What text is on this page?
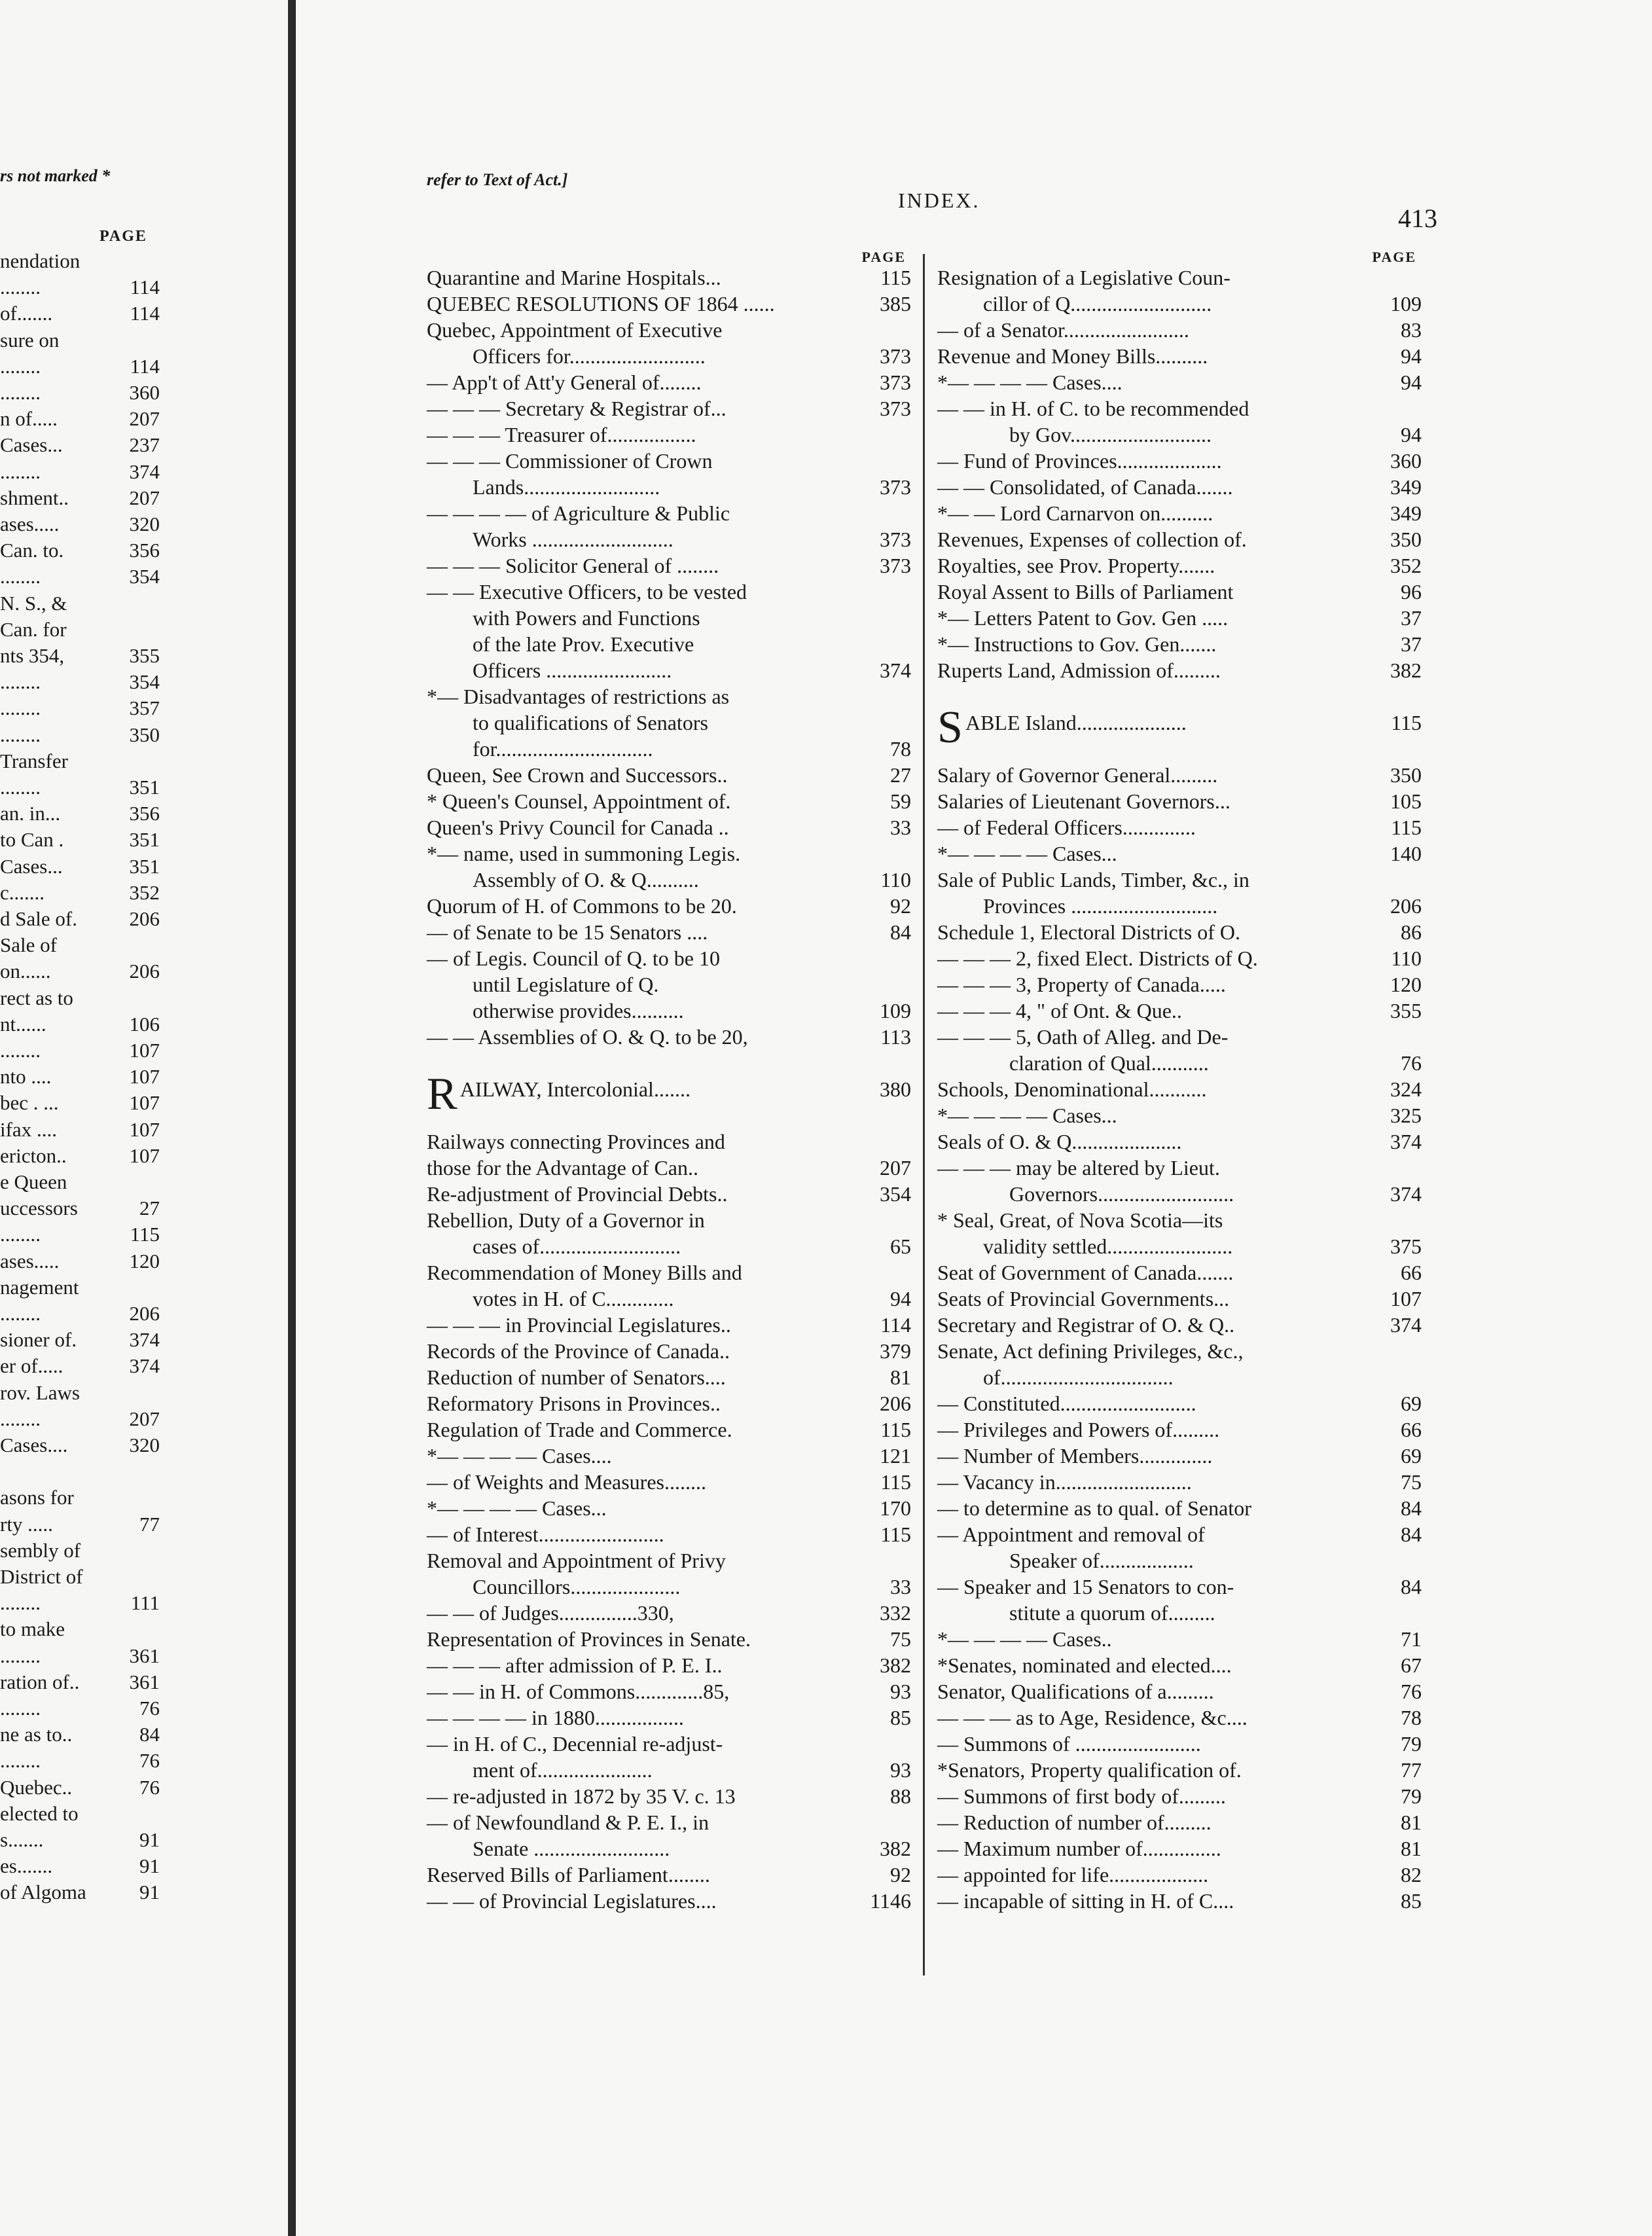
rs not marked *
PAGE
nendation
........	114
of.......	114
sure on
........	114
........	360
n of.....	207
Cases...	237
........	374
shment..	207
ases.....	320
Can. to.	356
........	354
N. S., &
Can. for
nts 354,	355
........	354
........	357
........	350
Transfer
........	351
an. in...	356
to Can .	351
Cases...	351
c.......	352
d Sale of.	206
Sale of
on......	206
rect as to
nt......	106
........	107
nto ....	107
bec . ...	107
ifax ....	107
ericton..	107
e Queen
uccessors	27
........	115
ases.....	120
nagement
........	206
sioner of.	374
er of.....	374
rov. Laws
........	207
Cases....	320
asons for
rty .....	77
sembly of
District of
........	111
to make
........	361
ration of.. 361
........	76
ne as to..	84
........	76
Quebec..	76
elected to
s.......	91
es.......	91
of Algoma	91
refer to Text of Act.]
INDEX.
413
PAGE
Quarantine and Marine Hospitals...	115
QUEBEC RESOLUTIONS OF 1864 ......	385
Quebec, Appointment of Executive
Officers for..........................	373
— App't of Att'y General of........	373
— — — Secretary & Registrar of...	373
— — — Treasurer of.................
— — — Commissioner of Crown
Lands..........................	373
— — — — of Agriculture & Public
Works ...........................	373
— — — Solicitor General of ........	373
— — Executive Officers, to be vested
with Powers and Functions
of the late Prov. Executive
Officers ........................	374
*— Disadvantages of restrictions as
to qualifications of Senators
for..............................	78
Queen, See Crown and Successors..	27
* Queen's Counsel, Appointment of.	59
Queen's Privy Council for Canada ..	33
*— name, used in summoning Legis.
Assembly of O. & Q..........	110
Quorum of H. of Commons to be 20.	92
— of Senate to be 15 Senators ....	84
— of Legis. Council of Q. to be 10
until Legislature of Q.
otherwise provides..........	109
— — Assemblies of O. & Q. to be 20,	113
RAILWAY, Intercolonial.......	380
Railways connecting Provinces and
those for the Advantage of Can..	207
Re-adjustment of Provincial Debts..	354
Rebellion, Duty of a Governor in
cases of...........................	65
Recommendation of Money Bills and
votes in H. of C.............	94
— — — in Provincial Legislatures..	114
Records of the Province of Canada..	379
Reduction of number of Senators....	81
Reformatory Prisons in Provinces..	206
Regulation of Trade and Commerce.	115
*— — — — Cases....	121
— of Weights and Measures........	115
*— — — — Cases...	170
— of Interest........................	115
Removal and Appointment of Privy
Councillors.....................	33
— — of Judges...............330,	332
Representation of Provinces in Senate.	75
— — — after admission of P. E. I..	382
— — in H. of Commons.............85,	93
— — — — in 1880.................	85
— in H. of C., Decennial re-adjust-
ment of......................	93
— re-adjusted in 1872 by 35 V. c. 13	88
— of Newfoundland & P. E. I., in
Senate ..........................	382
Reserved Bills of Parliament........	92
— — of Provincial Legislatures....	1146
PAGE
Resignation of a Legislative Coun-
cillor of Q...........................	109
— of a Senator........................	83
Revenue and Money Bills..........	94
*— — — — Cases....	94
— — in H. of C. to be recommended
by Gov...........................	94
— Fund of Provinces....................	360
— — Consolidated, of Canada.......	349
*— — Lord Carnarvon on..........	349
Revenues, Expenses of collection of.	350
Royalties, see Prov. Property.......	352
Royal Assent to Bills of Parliament	96
*— Letters Patent to Gov. Gen .....	37
*— Instructions to Gov. Gen.......	37
Ruperts Land, Admission of.........	382
SABLE Island.....................	115
Salary of Governor General.........	350
Salaries of Lieutenant Governors...	105
— of Federal Officers..............	115
*— — — — Cases...	140
Sale of Public Lands, Timber, &c., in
Provinces ............................	206
Schedule 1, Electoral Districts of O.	86
— — — 2, fixed Elect. Districts of Q.	110
— — — 3, Property of Canada.....	120
— — — 4, " of Ont. & Que..	355
— — — 5, Oath of Alleg. and De-
claration of Qual...........	76
Schools, Denominational...........	324
*— — — — Cases...	325
Seals of O. & Q.....................	374
— — — may be altered by Lieut.
Governors..........................	374
* Seal, Great, of Nova Scotia—its
validity settled........................	375
Seat of Government of Canada.......	66
Seats of Provincial Governments...	107
Secretary and Registrar of O. & Q..	374
Senate, Act defining Privileges, &c.,
of.................................
— Constituted..........................	69
— Privileges and Powers of.........	66
— Number of Members..............	69
— Vacancy in..........................	75
— to determine as to qual. of Senator	84
— Appointment and removal of	84
Speaker of..................
— Speaker and 15 Senators to con-	84
stitute a quorum of.........
*— — — — Cases..	71
*Senates, nominated and elected....	67
Senator, Qualifications of a.........	76
— — — as to Age, Residence, &c....	78
— Summons of ........................	79
*Senators, Property qualification of.	77
— Summons of first body of.........	79
— Reduction of number of.........	81
— Maximum number of...............	81
— appointed for life...................	82
— incapable of sitting in H. of C....	85
